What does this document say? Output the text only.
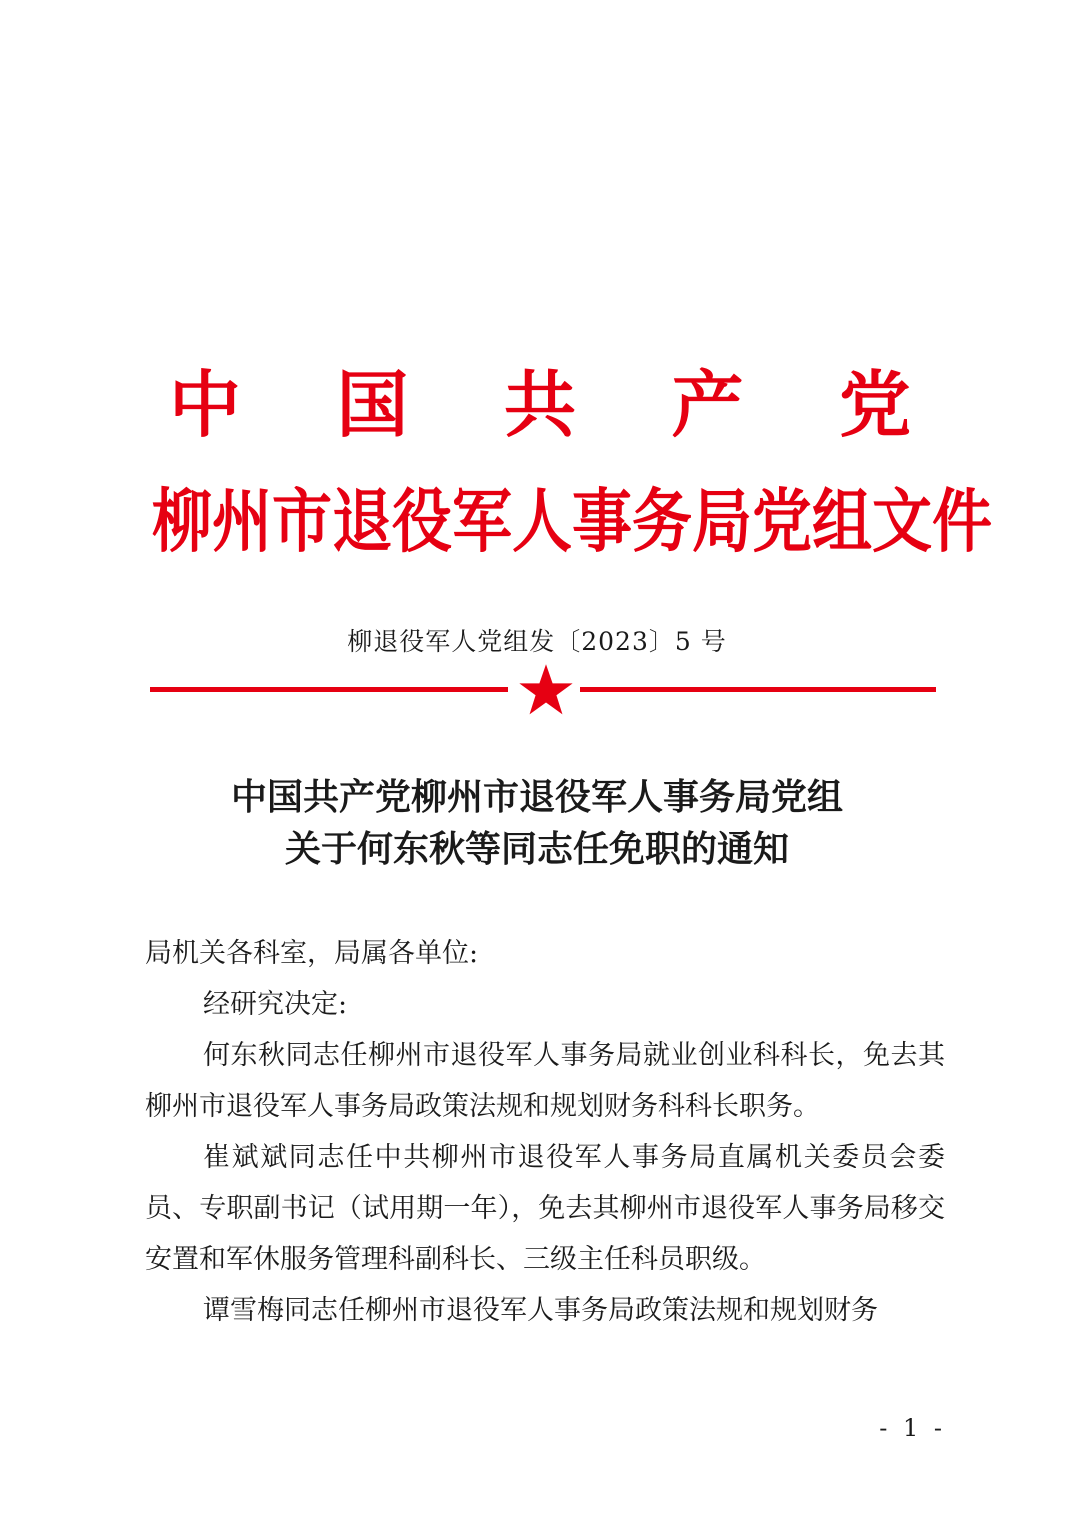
中 国 共 产 党
柳 州 市 退 役 军 人 事 务 局 党 组 文 件
柳退役军人党组发〔2023〕5 号
中国共产党柳州市退役军人事务局党组
关于何东秋等同志任免职的通知

局机关各科室，局属各单位:

经研究决定:

何东秋同志任柳州市退役军人事务局就业创业科科长，免去其柳州市退役军人事务局政策法规和规划财务科科长职务。

崔斌斌同志任中共柳州市退役军人事务局直属机关委员会委员、专职副书记（试用期一年），免去其柳州市退役军人事务局移交安置和军休服务管理科副科长、三级主任科员职级。

谭雪梅同志任柳州市退役军人事务局政策法规和规划财务

- 1 -
